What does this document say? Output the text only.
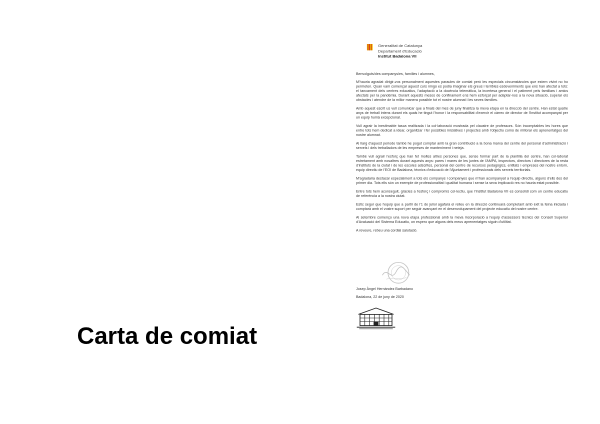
Carta de comiat
Generalitat de Catalunya
Departament d'Educació
Institut Badalona VII

Benvolguts/des companys/es, famílies i alumnes,

M'hauria agradat dirigir-vos personalment aquestes paraules de comiat però les especials circumstàncies que estem vivint no ho permeten. Quan vam començar aquest curs ningú es podia imaginar els greus i terribles esdeveniments que ens han afectat a tots: el tancament dels centres educatius, l'adaptació a la docència telemàtica, la incertesa general i el patiment pels familiars i amics afectats per la pandèmia. Durant aquests mesos de confinament ens hem esforçat per adaptar-nos a la nova situació, superar els obstacles i atendre de la millor manera possible tot el nostre alumnat i les seves famílies.

Amb aquest escrit us vull comunicar que a finals del mes de juny finalitza la meva etapa en la direcció del centre. Han estat quatre anys de treball intens durant els quals he tingut l'honor i la responsabilitat d'exercir el càrrec de director de l'Institut acompanyat per un equip humà excepcional.

Vull agrair la inestimable tasca realitzada i la col·laboració mostrada pel claustre de professors. Són incomptables les hores que entre tots hem dedicat a idear, organitzar i fer possibles iniciatives i projectes amb l'objectiu comú de millorar els aprenentatges del nostre alumnat.

Al llarg d'aquest període també he pogut comptar amb la gran contribució a la bona marxa del centre del personal d'administració i serveis i dels treballadors de les empreses de manteniment i neteja.

També vull agrair l'esforç que han fet moltes altres persones que, sense formar part de la plantilla del centre, han col·laborat estretament amb nosaltres durant aquests anys: pares i mares de les juntes de l'AMPA, inspectors, directors i directores de la resta d'instituts de la ciutat i de les escoles adscrites, personal del centre de recursos pedagògics, entitats i empreses del nostre entorn, equip directiu de l'EOI de Badalona, tècnics d'educació de l'Ajuntament i professionals dels serveis territorials.

M'agradaria destacar especialment a tots els companys i companyes que m'han acompanyat a l'equip directiu, alguns d'ells des del primer dia. Tots ells són un exemple de professionalitat i qualitat humana i sense la seva implicació res no hauria estat possible.

Entre tots hem aconseguit, gràcies a l'esforç i compromís col·lectiu, que l'Institut Badalona VII es consolidi com un centre educatiu de referència a la nostra ciutat.

Estic segur que l'equip que a partir de l'1 de juliol agafarà el relleu en la direcció continuarà completant amb èxit la feina iniciada i comptarà amb el vostre suport per seguir avançant en el desenvolupament del projecte educatiu del nostre centre.

Al setembre començo una nova etapa professional amb la meva incorporació a l'equip d'assessors tècnics del Consell Superior d'Avaluació del Sistema Educatiu, on espero que alguns dels meus aprenentatges siguin d'utilitat.

A reveure, rebeu una cordial salutació.

Josep Àngel Hernández Barbadano
Badalona, 22 de juny de 2020
